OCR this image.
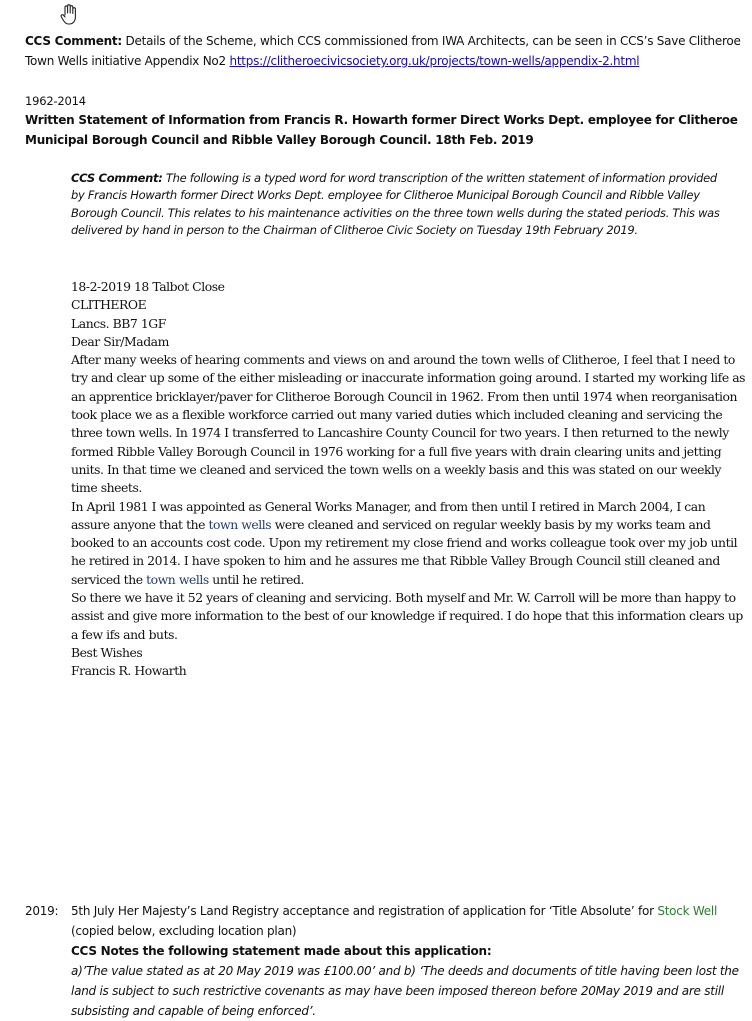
CCS Comment: Details of the Scheme, which CCS commissioned from IWA Architects, can be seen in CCS’s Save Clitheroe Town Wells initiative Appendix No2 https://clitheroecivicsociety.org.uk/projects/town-wells/appendix-2.html
1962-2014
Written Statement of Information from Francis R. Howarth former Direct Works Dept. employee for Clitheroe Municipal Borough Council and Ribble Valley Borough Council. 18th Feb. 2019
CCS Comment: The following is a typed word for word transcription of the written statement of information provided by Francis Howarth former Direct Works Dept. employee for Clitheroe Municipal Borough Council and Ribble Valley Borough Council. This relates to his maintenance activities on the three town wells during the stated periods. This was delivered by hand in person to the Chairman of Clitheroe Civic Society on Tuesday 19th February 2019.

18-2-2019 18 Talbot Close

CLITHEROE

Lancs. BB7 1GF

Dear Sir/Madam

After many weeks of hearing comments and views on and around the town wells of Clitheroe, I feel that I need to try and clear up some of the either misleading or inaccurate information going around. I started my working life as an apprentice bricklayer/paver for Clitheroe Borough Council in 1962. From then until 1974 when reorganisation took place we as a flexible workforce carried out many varied duties which included cleaning and servicing the three town wells. In 1974 I transferred to Lancashire County Council for two years. I then returned to the newly formed Ribble Valley Borough Council in 1976 working for a full five years with drain clearing units and jetting units. In that time we cleaned and serviced the town wells on a weekly basis and this was stated on our weekly time sheets.

In April 1981 I was appointed as General Works Manager, and from then until I retired in March 2004, I can assure anyone that the town wells were cleaned and serviced on regular weekly basis by my works team and booked to an accounts cost code. Upon my retirement my close friend and works colleague took over my job until he retired in 2014. I have spoken to him and he assures me that Ribble Valley Brough Council still cleaned and serviced the town wells until he retired.

So there we have it 52 years of cleaning and servicing. Both myself and Mr. W. Carroll will be more than happy to assist and give more information to the best of our knowledge if required. I do hope that this information clears up a few ifs and buts.

Best Wishes

Francis R. Howarth

2019: 5th July Her Majesty’s Land Registry acceptance and registration of application for ‘Title Absolute’ for Stock Well (copied below, excluding location plan)
CCS Notes the following statement made about this application:
a)’The value stated as at 20 May 2019 was £100.00’ and b) ‘The deeds and documents of title having been lost the land is subject to such restrictive covenants as may have been imposed thereon before 20May 2019 and are still subsisting and capable of being enforced’.
